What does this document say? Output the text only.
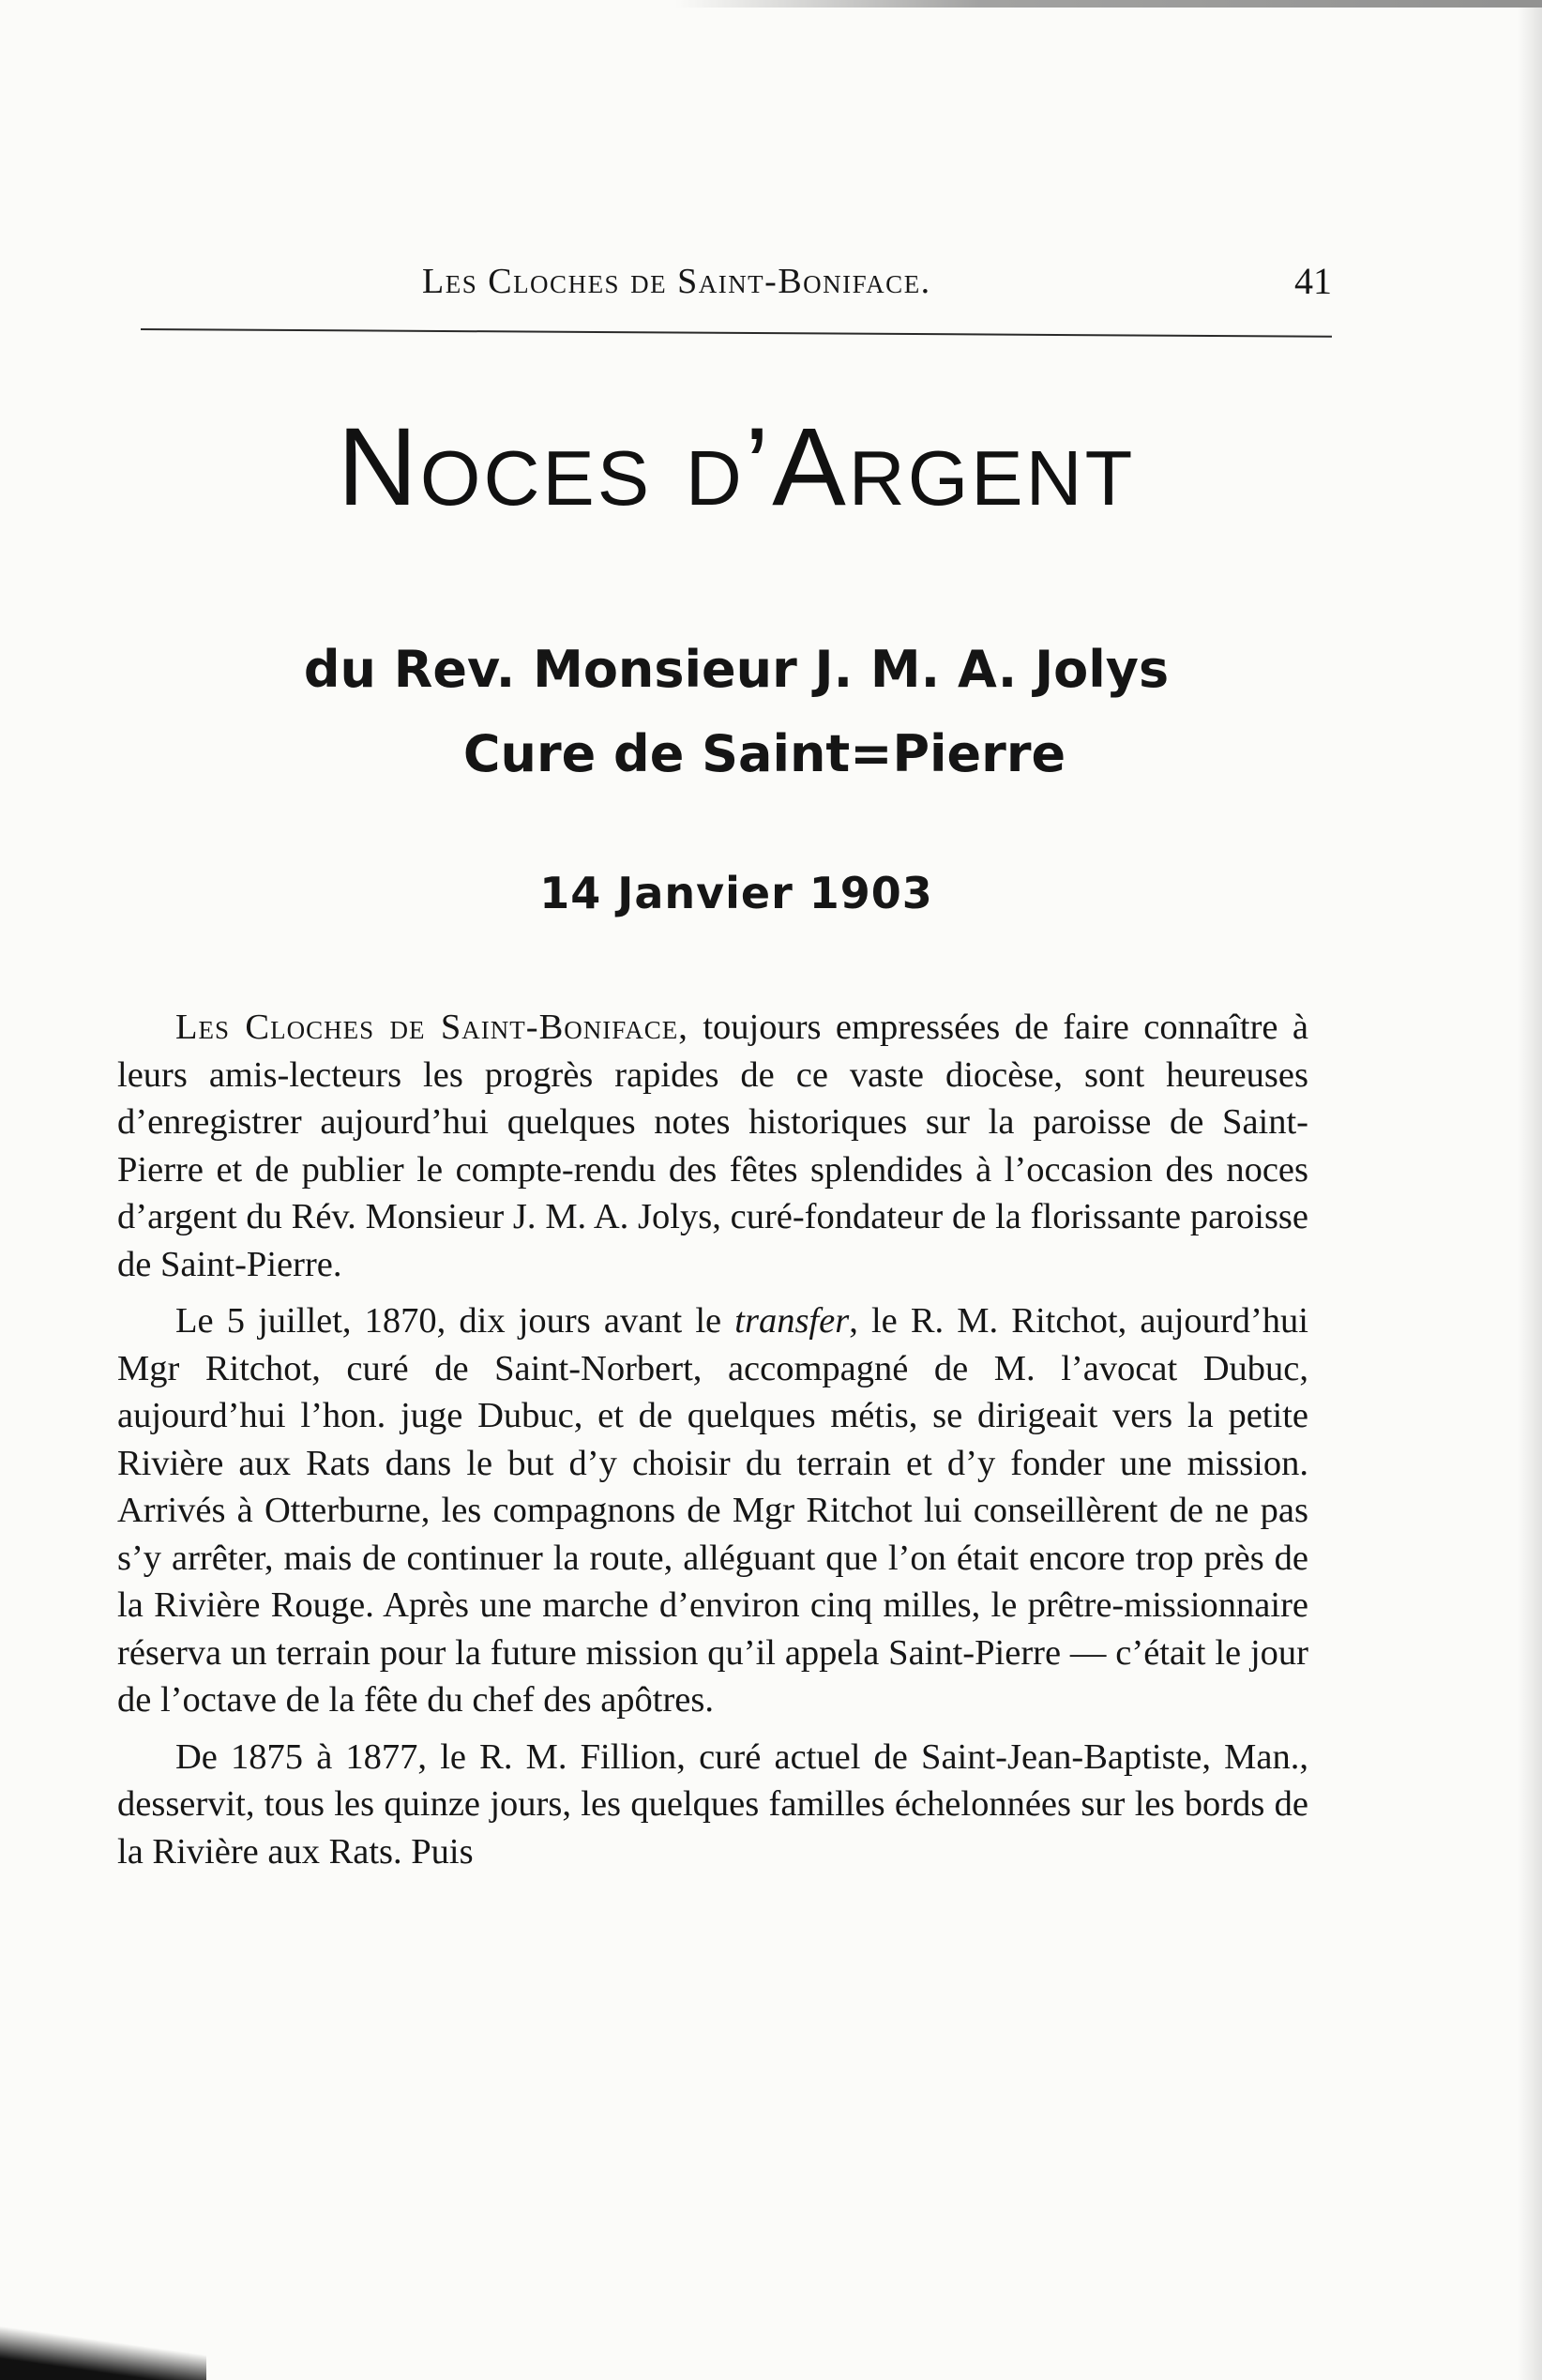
Les Cloches de Saint-Boniface.	41
Noces d’Argent
du Rev. Monsieur J. M. A. Jolys
Cure de Saint=Pierre
14 Janvier 1903

Les Cloches de Saint-Boniface, toujours empressées de faire connaître à leurs amis-lecteurs les progrès rapides de ce vaste diocèse, sont heureuses d’enregistrer aujourd’hui quelques notes historiques sur la paroisse de Saint-Pierre et de publier le compte-rendu des fêtes splendides à l’occasion des noces d’argent du Rév. Monsieur J. M. A. Jolys, curé-fondateur de la florissante paroisse de Saint-Pierre.

Le 5 juillet, 1870, dix jours avant le transfer, le R. M. Ritchot, aujourd’hui Mgr Ritchot, curé de Saint-Norbert, accompagné de M. l’avocat Dubuc, aujourd’hui l’hon. juge Dubuc, et de quelques métis, se dirigeait vers la petite Rivière aux Rats dans le but d’y choisir du terrain et d’y fonder une mission. Arrivés à Otterburne, les compagnons de Mgr Ritchot lui conseillèrent de ne pas s’y arrêter, mais de continuer la route, alléguant que l’on était encore trop près de la Rivière Rouge. Après une marche d’environ cinq milles, le prêtre-missionnaire réserva un terrain pour la future mission qu’il appela Saint-Pierre — c’était le jour de l’octave de la fête du chef des apôtres.

De 1875 à 1877, le R. M. Fillion, curé actuel de Saint-Jean-Baptiste, Man., desservit, tous les quinze jours, les quelques familles échelonnées sur les bords de la Rivière aux Rats. Puis
